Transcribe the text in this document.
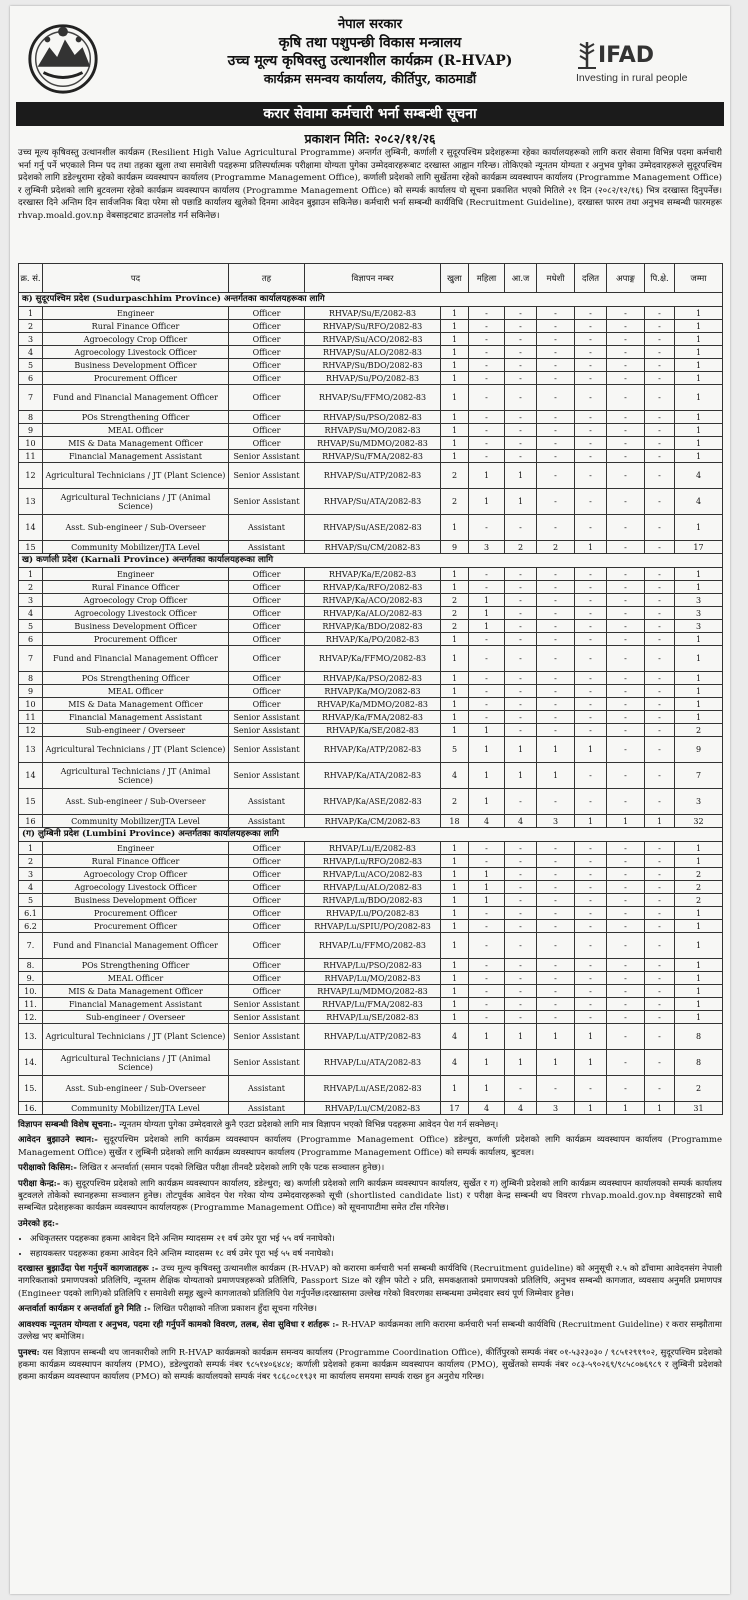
नेपाल सरकार
कृषि तथा पशुपन्छी विकास मन्त्रालय
उच्च मूल्य कृषिवस्तु उत्थानशील कार्यक्रम (R-HVAP)
कार्यक्रम समन्वय कार्यालय, कीर्तिपुर, काठमाडौं
IFAD
Investing in rural people
करार सेवामा कर्मचारी भर्ना सम्बन्धी सूचना
प्रकाशन मिति: २०८२/११/२६
उच्च मूल्य कृषिवस्तु उत्थानशील कार्यक्रम (Resilient High Value Agricultural Programme) अन्तर्गत लुम्बिनी, कर्णाली र सुदूरपश्चिम प्रदेशहरूमा रहेका कार्यालयहरूको लागि करार सेवामा विभिन्न पदमा कर्मचारी भर्ना गर्नु पर्ने भएकाले निम्न पद तथा तहका खुला तथा समावेशी पदहरूमा प्रतिस्पर्धात्मक परीक्षामा योग्यता पुगेका उम्मेदवारहरूबाट दरखास्त आह्वान गरिन्छ। तोकिएको न्यूनतम योग्यता र अनुभव पुगेका उम्मेदवारहरूले सुदूरपश्चिम प्रदेशको लागि डडेल्धुरामा रहेको कार्यक्रम व्यवस्थापन कार्यालय (Programme Management Office), कर्णाली प्रदेशको लागि सुर्खेतमा रहेको कार्यक्रम व्यवस्थापन कार्यालय (Programme Management Office) र लुम्बिनी प्रदेशको लागि बुटवलमा रहेको कार्यक्रम व्यवस्थापन कार्यालय (Programme Management Office) को सम्पर्क कार्यालय यो सूचना प्रकाशित भएको मितिले २१ दिन (२०८२/१२/१६) भित्र दरखास्त दिनुपर्नेछ। दरखास्त दिने अन्तिम दिन सार्वजनिक बिदा परेमा सो पछाडि कार्यालय खुलेको दिनमा आवेदन बुझाउन सकिनेछ। कर्मचारी भर्ना सम्बन्धी कार्यविधि (Recruitment Guideline), दरखास्त फारम तथा अनुभव सम्बन्धी फारमहरू rhvap.moald.gov.np वेबसाइटबाट डाउनलोड गर्न सकिनेछ।
क्र. सं.	पद	तह	विज्ञापन नम्बर	खुला	महिला	आ.ज	मधेशी	दलित	अपाङ्ग	पि.क्षे.	जम्मा
क) सुदूरपश्चिम प्रदेश (Sudurpaschhim Province) अन्तर्गतका कार्यालयहरूका लागि											
1	Engineer	Officer	RHVAP/Su/E/2082-83	1	-	-	-	-	-	-	1
2	Rural Finance Officer	Officer	RHVAP/Su/RFO/2082-83	1	-	-	-	-	-	-	1
3	Agroecology Crop Officer	Officer	RHVAP/Su/ACO/2082-83	1	-	-	-	-	-	-	1
4	Agroecology Livestock Officer	Officer	RHVAP/Su/ALO/2082-83	1	-	-	-	-	-	-	1
5	Business Development Officer	Officer	RHVAP/Su/BDO/2082-83	1	-	-	-	-	-	-	1
6	Procurement Officer	Officer	RHVAP/Su/PO/2082-83	1	-	-	-	-	-	-	1
7	Fund and Financial Management Officer	Officer	RHVAP/Su/FFMO/2082-83	1	-	-	-	-	-	-	1
8	POs Strengthening Officer	Officer	RHVAP/Su/PSO/2082-83	1	-	-	-	-	-	-	1
9	MEAL Officer	Officer	RHVAP/Su/MO/2082-83	1	-	-	-	-	-	-	1
10	MIS & Data Management Officer	Officer	RHVAP/Su/MDMO/2082-83	1	-	-	-	-	-	-	1
11	Financial Management Assistant	Senior Assistant	RHVAP/Su/FMA/2082-83	1	-	-	-	-	-	-	1
12	Agricultural Technicians / JT (Plant Science)	Senior Assistant	RHVAP/Su/ATP/2082-83	2	1	1	-	-	-	-	4
13	Agricultural Technicians / JT (Animal Science)	Senior Assistant	RHVAP/Su/ATA/2082-83	2	1	1	-	-	-	-	4
14	Asst. Sub-engineer / Sub-Overseer	Assistant	RHVAP/Su/ASE/2082-83	1	-	-	-	-	-	-	1
15	Community Mobilizer/JTA Level	Assistant	RHVAP/Su/CM/2082-83	9	3	2	2	1	-	-	17
ख) कर्णाली प्रदेश (Karnali Province) अन्तर्गतका कार्यालयहरूका लागि											
1	Engineer	Officer	RHVAP/Ka/E/2082-83	1	-	-	-	-	-	-	1
2	Rural Finance Officer	Officer	RHVAP/Ka/RFO/2082-83	1	-	-	-	-	-	-	1
3	Agroecology Crop Officer	Officer	RHVAP/Ka/ACO/2082-83	2	1	-	-	-	-	-	3
4	Agroecology Livestock Officer	Officer	RHVAP/Ka/ALO/2082-83	2	1	-	-	-	-	-	3
5	Business Development Officer	Officer	RHVAP/Ka/BDO/2082-83	2	1	-	-	-	-	-	3
6	Procurement Officer	Officer	RHVAP/Ka/PO/2082-83	1	-	-	-	-	-	-	1
7	Fund and Financial Management Officer	Officer	RHVAP/Ka/FFMO/2082-83	1	-	-	-	-	-	-	1
8	POs Strengthening Officer	Officer	RHVAP/Ka/PSO/2082-83	1	-	-	-	-	-	-	1
9	MEAL Officer	Officer	RHVAP/Ka/MO/2082-83	1	-	-	-	-	-	-	1
10	MIS & Data Management Officer	Officer	RHVAP/Ka/MDMO/2082-83	1	-	-	-	-	-	-	1
11	Financial Management Assistant	Senior Assistant	RHVAP/Ka/FMA/2082-83	1	-	-	-	-	-	-	1
12	Sub-engineer / Overseer	Senior Assistant	RHVAP/Ka/SE/2082-83	1	1	-	-	-	-	-	2
13	Agricultural Technicians / JT (Plant Science)	Senior Assistant	RHVAP/Ka/ATP/2082-83	5	1	1	1	1	-	-	9
14	Agricultural Technicians / JT (Animal Science)	Senior Assistant	RHVAP/Ka/ATA/2082-83	4	1	1	1	-	-	-	7
15	Asst. Sub-engineer / Sub-Overseer	Assistant	RHVAP/Ka/ASE/2082-83	2	1	-	-	-	-	-	3
16	Community Mobilizer/JTA Level	Assistant	RHVAP/Ka/CM/2082-83	18	4	4	3	1	1	1	32
(ग) लुम्बिनी प्रदेश (Lumbini Province) अन्तर्गतका कार्यालयहरूका लागि											
1	Engineer	Officer	RHVAP/Lu/E/2082-83	1	-	-	-	-	-	-	1
2	Rural Finance Officer	Officer	RHVAP/Lu/RFO/2082-83	1	-	-	-	-	-	-	1
3	Agroecology Crop Officer	Officer	RHVAP/Lu/ACO/2082-83	1	1	-	-	-	-	-	2
4	Agroecology Livestock Officer	Officer	RHVAP/Lu/ALO/2082-83	1	1	-	-	-	-	-	2
5	Business Development Officer	Officer	RHVAP/Lu/BDO/2082-83	1	1	-	-	-	-	-	2
6.1	Procurement Officer	Officer	RHVAP/Lu/PO/2082-83	1	-	-	-	-	-	-	1
6.2	Procurement Officer	Officer	RHVAP/Lu/SPIU/PO/2082-83	1	-	-	-	-	-	-	1
7.	Fund and Financial Management Officer	Officer	RHVAP/Lu/FFMO/2082-83	1	-	-	-	-	-	-	1
8.	POs Strengthening Officer	Officer	RHVAP/Lu/PSO/2082-83	1	-	-	-	-	-	-	1
9.	MEAL Officer	Officer	RHVAP/Lu/MO/2082-83	1	-	-	-	-	-	-	1
10.	MIS & Data Management Officer	Officer	RHVAP/Lu/MDMO/2082-83	1	-	-	-	-	-	-	1
11.	Financial Management Assistant	Senior Assistant	RHVAP/Lu/FMA/2082-83	1	-	-	-	-	-	-	1
12.	Sub-engineer / Overseer	Senior Assistant	RHVAP/Lu/SE/2082-83	1	-	-	-	-	-	-	1
13.	Agricultural Technicians / JT (Plant Science)	Senior Assistant	RHVAP/Lu/ATP/2082-83	4	1	1	1	1	-	-	8
14.	Agricultural Technicians / JT (Animal Science)	Senior Assistant	RHVAP/Lu/ATA/2082-83	4	1	1	1	1	-	-	8
15.	Asst. Sub-engineer / Sub-Overseer	Assistant	RHVAP/Lu/ASE/2082-83	1	1	-	-	-	-	-	2
16.	Community Mobilizer/JTA Level	Assistant	RHVAP/Lu/CM/2082-83	17	4	4	3	1	1	1	31

विज्ञापन सम्बन्धी विशेष सूचना:- न्यूनतम योग्यता पुगेका उम्मेदवारले कुनै एउटा प्रदेशको लागि मात्र विज्ञापन भएको विभिन्न पदहरूमा आवेदन पेश गर्न सक्नेछन्।

आवेदन बुझाउने स्थान:- सुदूरपश्चिम प्रदेशको लागि कार्यक्रम व्यवस्थापन कार्यालय (Programme Management Office) डडेल्धुरा, कर्णाली प्रदेशको लागि कार्यक्रम व्यवस्थापन कार्यालय (Programme Management Office) सुर्खेत र लुम्बिनी प्रदेशको लागि कार्यक्रम व्यवस्थापन कार्यालय (Programme Management Office) को सम्पर्क कार्यालय, बुटवल।

परीक्षाको किसिम:- लिखित र अन्तर्वार्ता (समान पदको लिखित परीक्षा तीनवटै प्रदेशको लागि एकै पटक सञ्चालन हुनेछ)।

परीक्षा केन्द्र:- क) सुदूरपश्चिम प्रदेशको लागि कार्यक्रम व्यवस्थापन कार्यालय, डडेल्धुरा; ख) कर्णाली प्रदेशको लागि कार्यक्रम व्यवस्थापन कार्यालय, सुर्खेत र ग) लुम्बिनी प्रदेशको लागि कार्यक्रम व्यवस्थापन कार्यालयको सम्पर्क कार्यालय बुटवलले तोकेको स्थानहरूमा सञ्चालन हुनेछ। तोटपूर्वक आवेदन पेश गरेका योग्य उम्मेदवारहरूको सूची (shortlisted candidate list) र परीक्षा केन्द्र सम्बन्धी थप विवरण rhvap.moald.gov.np वेबसाइटको साथै सम्बन्धित प्रदेशहरूका कार्यक्रम व्यवस्थापन कार्यालयहरू (Programme Management Office) को सूचनापाटीमा समेत टाँस गरिनेछ।

उमेरको हद:-

• अधिकृतस्तर पदहरूका हकमा आवेदन दिने अन्तिम म्यादसम्म २१ वर्ष उमेर पूरा भई ५५ वर्ष ननाघेको।
• सहायकस्तर पदहरूका हकमा आवेदन दिने अन्तिम म्यादसम्म १८ वर्ष उमेर पूरा भई ५५ वर्ष ननाघेको।

दरखास्त बुझाउँदा पेश गर्नुपर्ने कागजातहरू :- उच्च मूल्य कृषिवस्तु उत्थानशील कार्यक्रम (R-HVAP) को करारमा कर्मचारी भर्ना सम्बन्धी कार्यविधि (Recruitment guideline) को अनुसूची २.५ को ढाँचामा आवेदनसंग नेपाली नागरिकताको प्रमाणपत्रको प्रतिलिपि, न्यूनतम शैक्षिक योग्यताको प्रमाणपत्रहरूको प्रतिलिपि, Passport Size को रङ्गीन फोटो २ प्रति, समकक्षताको प्रमाणपत्रको प्रतिलिपि, अनुभव सम्बन्धी कागजात, व्यवसाय अनुमति प्रमाणपत्र (Engineer पदको लागि)को प्रतिलिपि र समावेशी समूह खुल्ने कागजातको प्रतिलिपि पेश गर्नुपर्नेछ।दरखास्तमा उल्लेख गरेको विवरणका सम्बन्धमा उम्मेदवार स्वयं पूर्ण जिम्मेवार हुनेछ।

अन्तर्वार्ता कार्यक्रम र अन्तर्वार्ता हुने मिति :- लिखित परीक्षाको नतिजा प्रकाशन हुँदा सूचना गरिनेछ।

आवश्यक न्यूनतम योग्यता र अनुभव, पदमा रही गर्नुपर्ने कामको विवरण, तलब, सेवा सुविधा र शर्तहरू :- R-HVAP कार्यक्रमका लागि करारमा कर्मचारी भर्ना सम्बन्धी कार्यविधि (Recruitment Guideline) र करार सम्झौतामा उल्लेख भए बमोजिम।

पुनश्च: यस विज्ञापन सम्बन्धी थप जानकारीको लागि R-HVAP कार्यक्रमको कार्यक्रम समन्वय कार्यालय (Programme Coordination Office), कीर्तिपुरको सम्पर्क नंबर ०१-५३२३०३० / ९८५१२९१९०२, सुदूरपश्चिम प्रदेशको हकमा कार्यक्रम व्यवस्थापन कार्यालय (PMO), डडेल्धुराको सम्पर्क नंबर ९८५१४०६४८४; कर्णाली प्रदेशको हकमा कार्यक्रम व्यवस्थापन कार्यालय (PMO), सुर्खेतको सम्पर्क नंबर ०८३-५९०२६९/९८५८०७६९८९ र लुम्बिनी प्रदेशको हकमा कार्यक्रम व्यवस्थापन कार्यालय (PMO) को सम्पर्क कार्यालयको सम्पर्क नंबर ९८६८०८१९३१ मा कार्यालय समयमा सम्पर्क राख्न हुन अनुरोध गरिन्छ।
